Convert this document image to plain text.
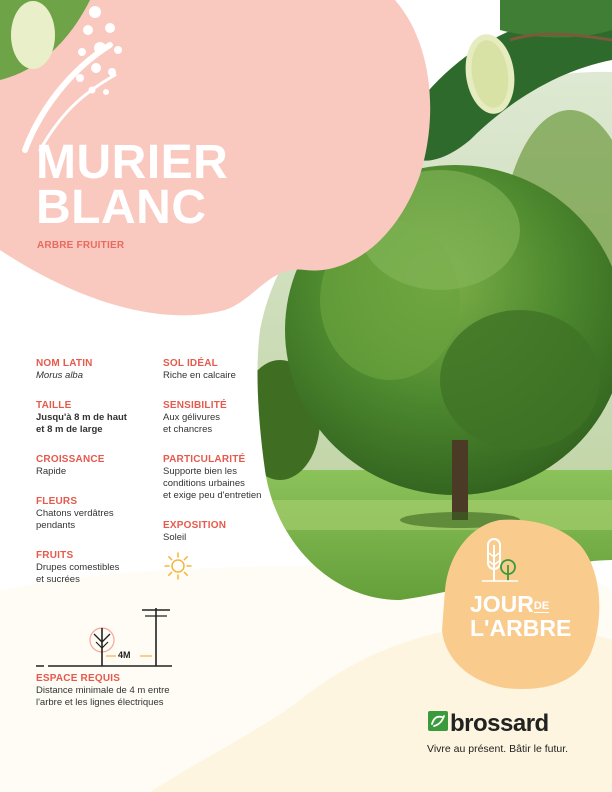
MURIER
BLANC
ARBRE FRUITIER
NOM LATIN
Morus alba
TAILLE
Jusqu'à 8 m de haut
et 8 m de large
CROISSANCE
Rapide
FLEURS
Chatons verdâtres
pendants
FRUITS
Drupes comestibles
et sucrées
SOL IDÉAL
Riche en calcaire
SENSIBILITÉ
Aux gélivures
et chancres
PARTICULARITÉ
Supporte bien les
conditions urbaines
et exige peu d'entretien
EXPOSITION
Soleil
4M
ESPACE REQUIS
Distance minimale de 4 m entre
l'arbre et les lignes électriques
$JOUR^{DE}$
L'ARBRE
brossard
Vivre au présent. Bâtir le futur.
